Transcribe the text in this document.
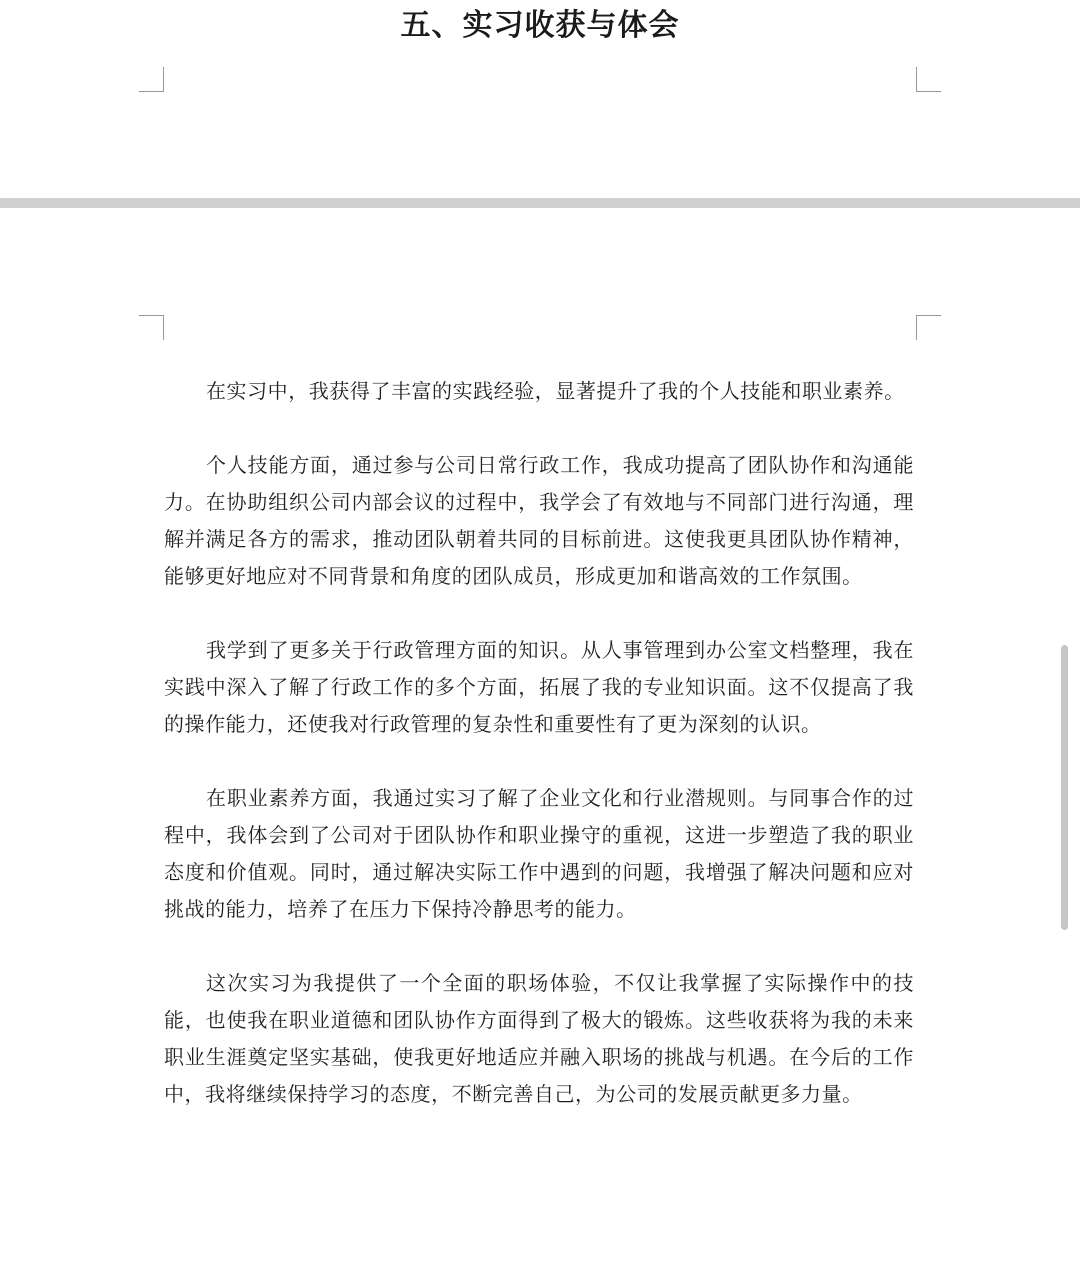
五、实习收获与体会

在实习中，我获得了丰富的实践经验，显著提升了我的个人技能和职业素养。

个人技能方面，通过参与公司日常行政工作，我成功提高了团队协作和沟通能力。在协助组织公司内部会议的过程中，我学会了有效地与不同部门进行沟通，理解并满足各方的需求，推动团队朝着共同的目标前进。这使我更具团队协作精神，能够更好地应对不同背景和角度的团队成员，形成更加和谐高效的工作氛围。

我学到了更多关于行政管理方面的知识。从人事管理到办公室文档整理，我在实践中深入了解了行政工作的多个方面，拓展了我的专业知识面。这不仅提高了我的操作能力，还使我对行政管理的复杂性和重要性有了更为深刻的认识。

在职业素养方面，我通过实习了解了企业文化和行业潜规则。与同事合作的过程中，我体会到了公司对于团队协作和职业操守的重视，这进一步塑造了我的职业态度和价值观。同时，通过解决实际工作中遇到的问题，我增强了解决问题和应对挑战的能力，培养了在压力下保持冷静思考的能力。

这次实习为我提供了一个全面的职场体验，不仅让我掌握了实际操作中的技能，也使我在职业道德和团队协作方面得到了极大的锻炼。这些收获将为我的未来职业生涯奠定坚实基础，使我更好地适应并融入职场的挑战与机遇。在今后的工作中，我将继续保持学习的态度，不断完善自己，为公司的发展贡献更多力量。
